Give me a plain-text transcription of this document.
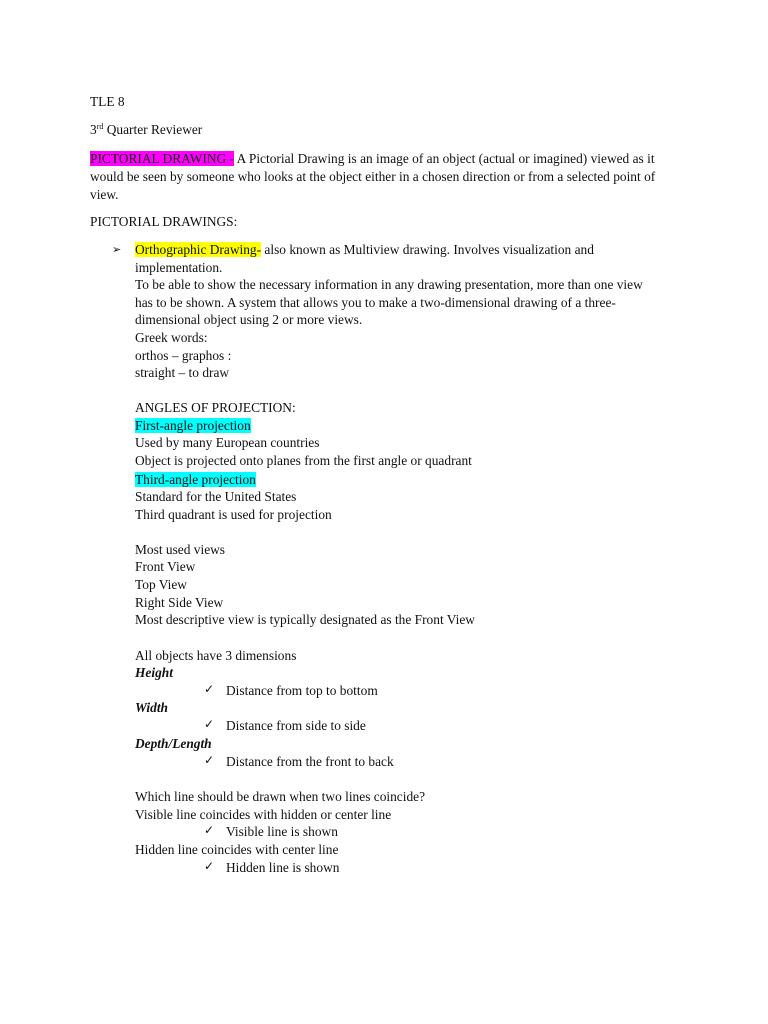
TLE 8
3rd Quarter Reviewer
PICTORIAL DRAWING - A Pictorial Drawing is an image of an object (actual or imagined) viewed as it
would be seen by someone who looks at the object either in a chosen direction or from a selected point of
view.
PICTORIAL DRAWINGS:
➢ Orthographic Drawing- also known as Multiview drawing. Involves visualization and
implementation.
To be able to show the necessary information in any drawing presentation, more than one view
has to be shown. A system that allows you to make a two-dimensional drawing of a three-
dimensional object using 2 or more views.
Greek words:
orthos – graphos :
straight – to draw
ANGLES OF PROJECTION:
First-angle projection
Used by many European countries
Object is projected onto planes from the first angle or quadrant
Third-angle projection
Standard for the United States
Third quadrant is used for projection
Most used views
Front View
Top View
Right Side View
Most descriptive view is typically designated as the Front View
All objects have 3 dimensions
Height
✓ Distance from top to bottom
Width
✓ Distance from side to side
Depth/Length
✓ Distance from the front to back
Which line should be drawn when two lines coincide?
Visible line coincides with hidden or center line
✓ Visible line is shown
Hidden line coincides with center line
✓ Hidden line is shown
